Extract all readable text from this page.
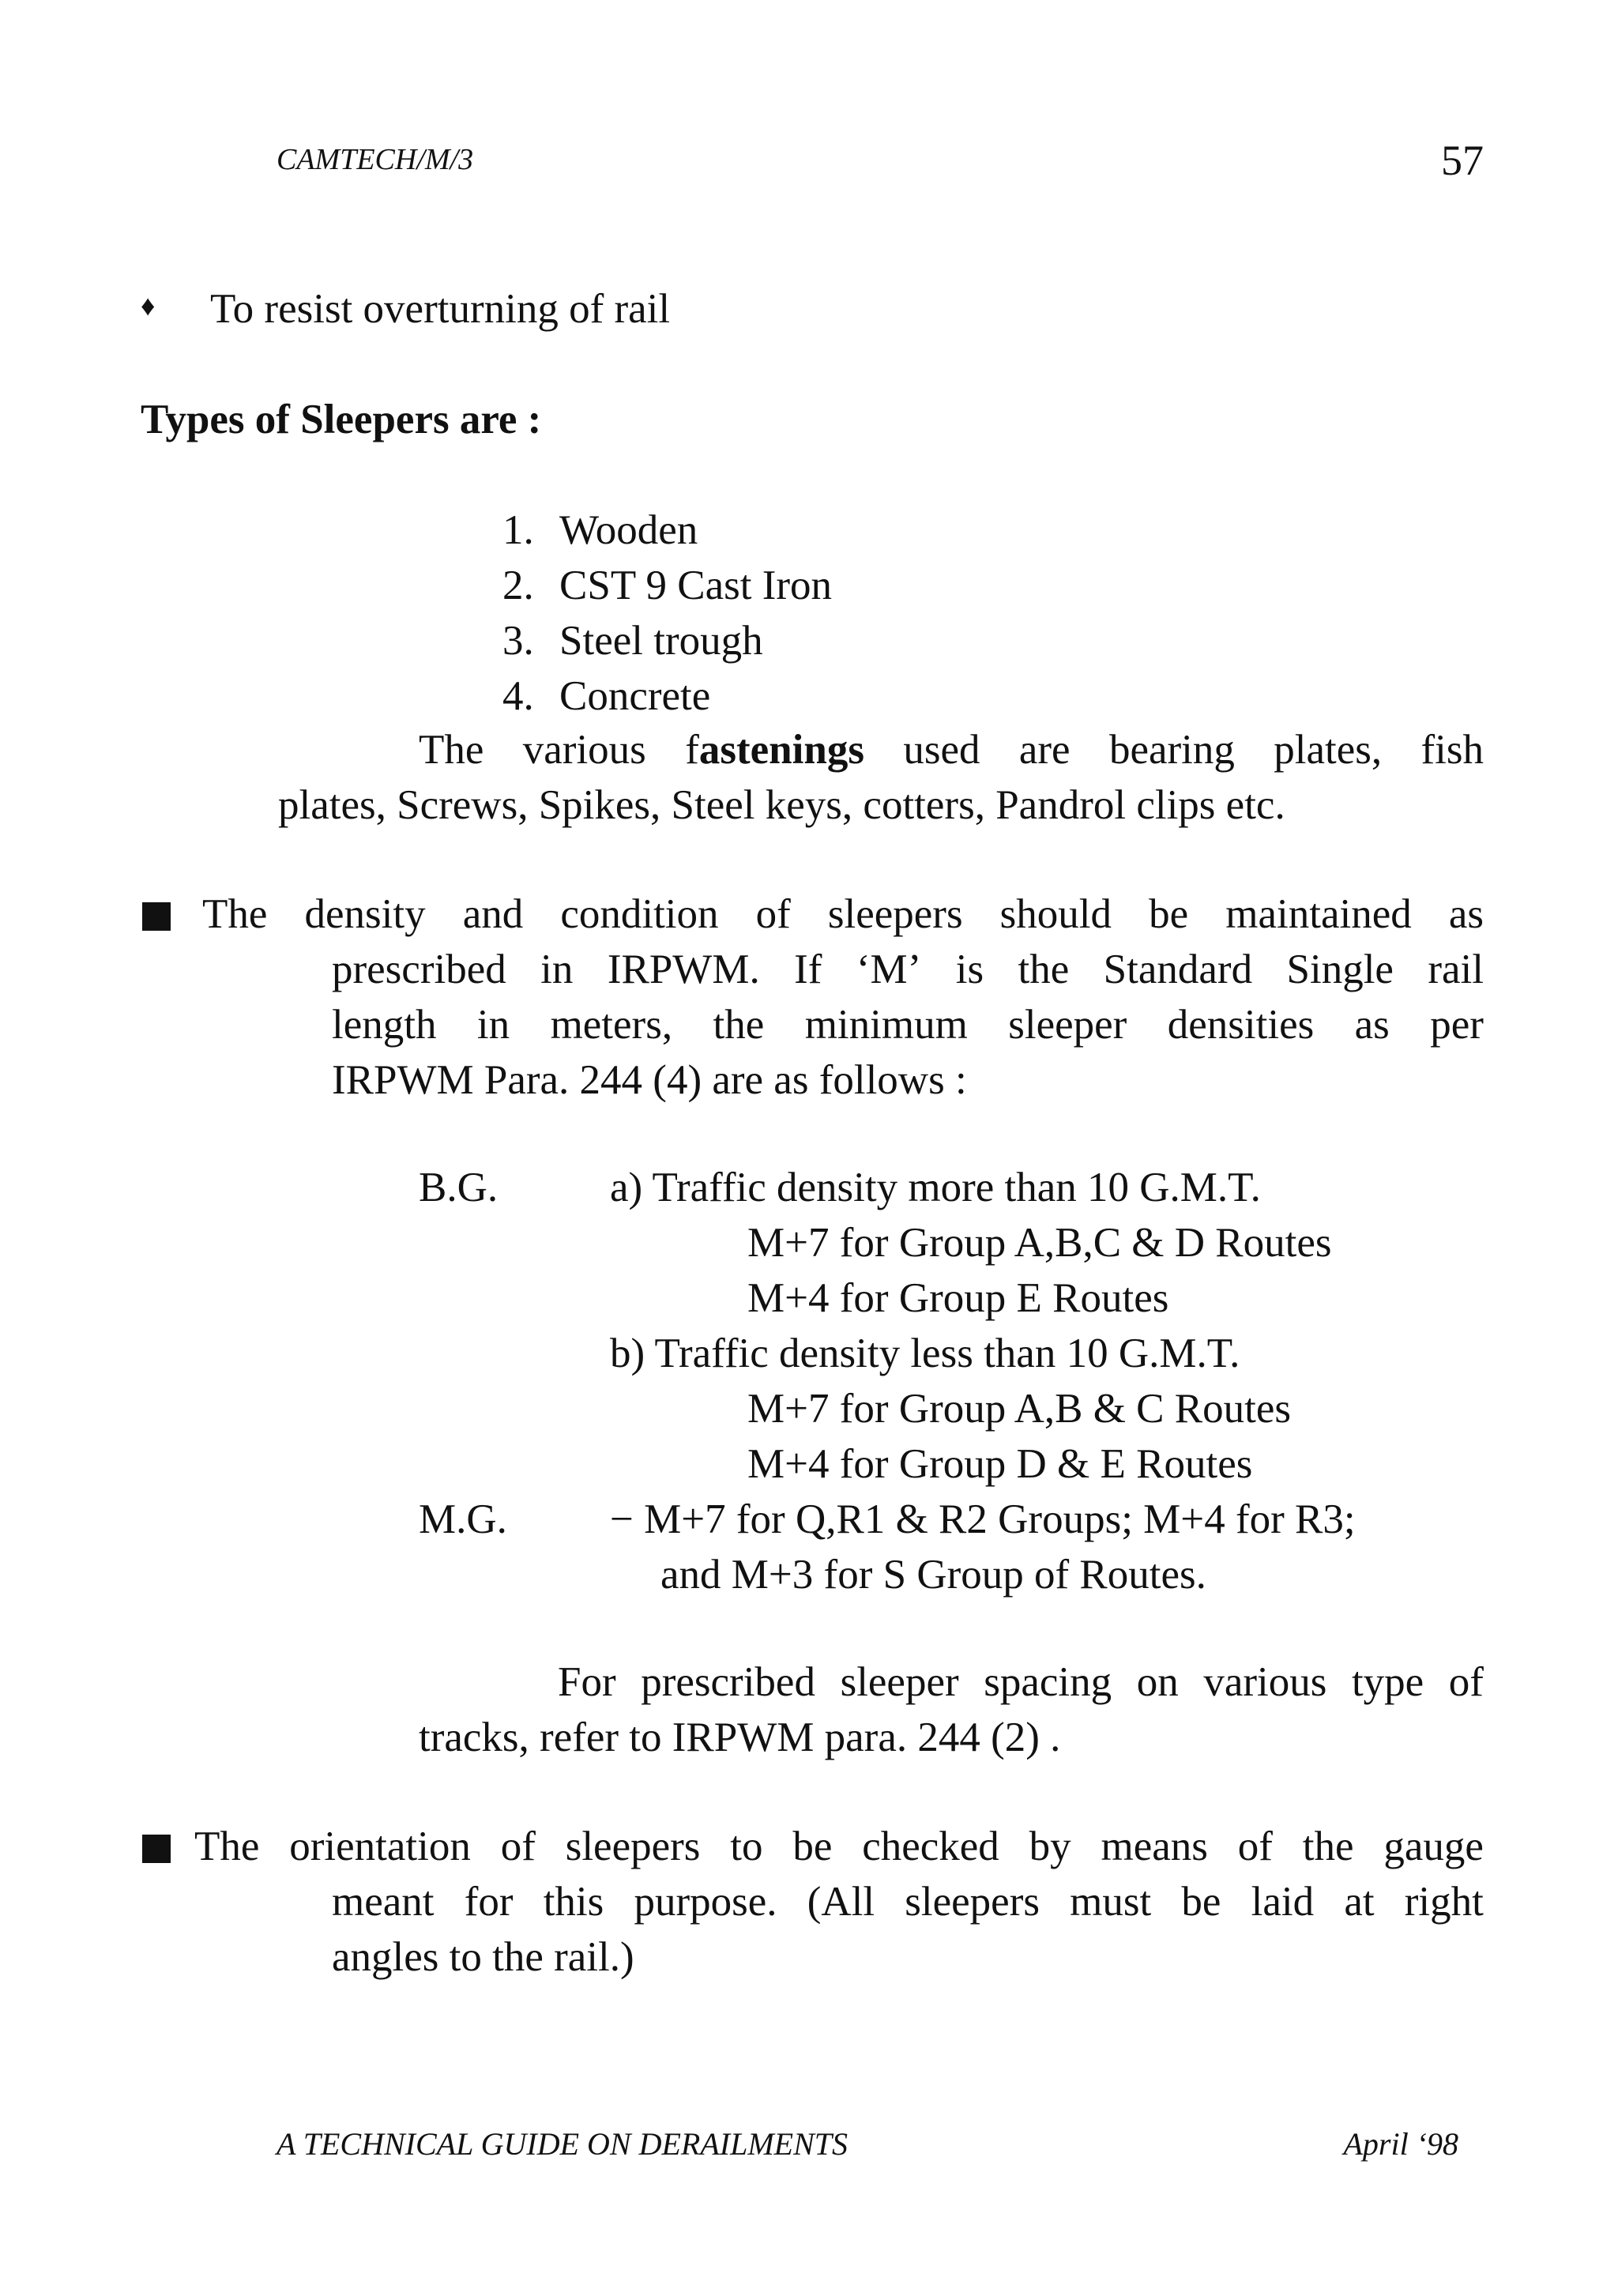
CAMTECH/M/3	57
♦ To resist overturning of rail
Types of Sleepers are :
1. Wooden
2. CST 9 Cast Iron
3. Steel trough
4. Concrete
The various fastenings used are bearing plates, fish
plates, Screws, Spikes, Steel keys, cotters, Pandrol clips etc.
The density and condition of sleepers should be maintained as
prescribed in IRPWM. If ‘M’ is the Standard Single rail
length in meters, the minimum sleeper densities as per
IRPWM Para. 244 (4) are as follows :
B.G.	a) Traffic density more than 10 G.M.T.
M+7 for Group A,B,C & D Routes
M+4 for Group E Routes
b) Traffic density less than 10 G.M.T.
M+7 for Group A,B & C Routes
M+4 for Group D & E Routes
M.G. − M+7 for Q,R1 & R2 Groups; M+4 for R3;
and M+3 for S Group of Routes.
For prescribed sleeper spacing on various type of
tracks, refer to IRPWM para. 244 (2) .
The orientation of sleepers to be checked by means of the gauge
meant for this purpose. (All sleepers must be laid at right
angles to the rail.)
A TECHNICAL GUIDE ON DERAILMENTS	April ‘98
